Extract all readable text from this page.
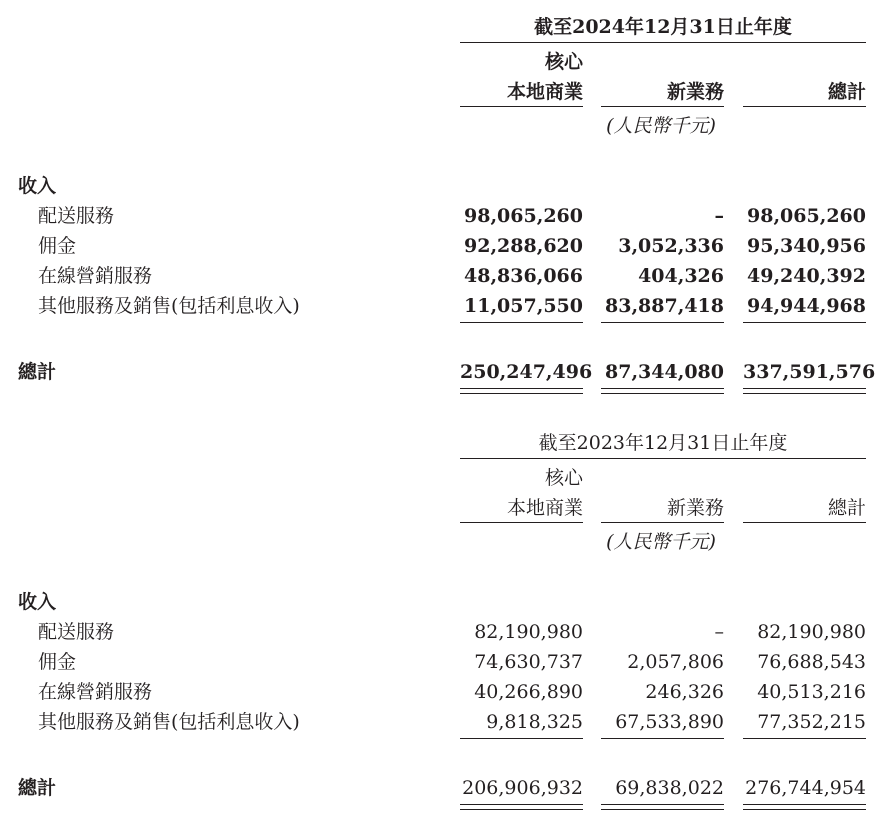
截至2024年12月31日止年度
核心
本地商業	新業務	總計
(人民幣千元)
收入
配送服務	98,065,260	– 98,065,260
佣金	92,288,620	3,052,336 95,340,956
在線營銷服務	48,836,066	404,326 49,240,392
其他服務及銷售(包括利息收入)	11,057,550 83,887,418 94,944,968
總計	250,247,496 87,344,080 337,591,576
截至2023年12月31日止年度
核心
本地商業	新業務	總計
(人民幣千元)
收入
配送服務	82,190,980	–	82,190,980
佣金	74,630,737	2,057,806	76,688,543
在線營銷服務	40,266,890	246,326	40,513,216
其他服務及銷售(包括利息收入)	9,818,325	67,533,890	77,352,215
總計	206,906,932	69,838,022 276,744,954
